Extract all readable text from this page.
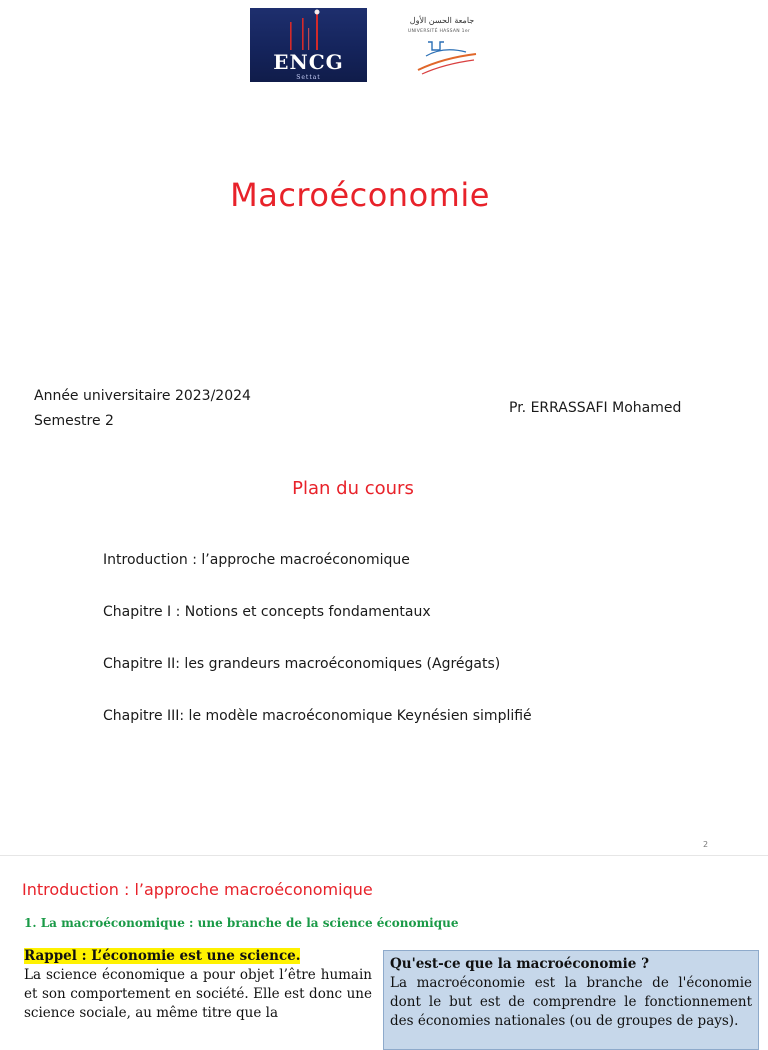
ENCG
Settat
جامعة الحسن الأول
UNIVERSITÉ HASSAN 1er
Macroéconomie
Année universitaire 2023/2024
Semestre 2
Pr. ERRASSAFI Mohamed
Plan du cours
Introduction : l’approche macroéconomique
Chapitre I : Notions et concepts fondamentaux
Chapitre II: les grandeurs macroéconomiques (Agrégats)
Chapitre III: le modèle macroéconomique Keynésien simplifié
2
Introduction : l’approche macroéconomique
1. La macroéconomique : une branche de la science économique
Rappel : L’économie est une science.
La science économique a pour objet l’être humain et son comportement en société. Elle est donc une science sociale, au même titre que la
Qu'est-ce que la macroéconomie ?
La macroéconomie est la branche de l'économie dont le but est de comprendre le fonctionnement des économies nationales (ou de groupes de pays).
